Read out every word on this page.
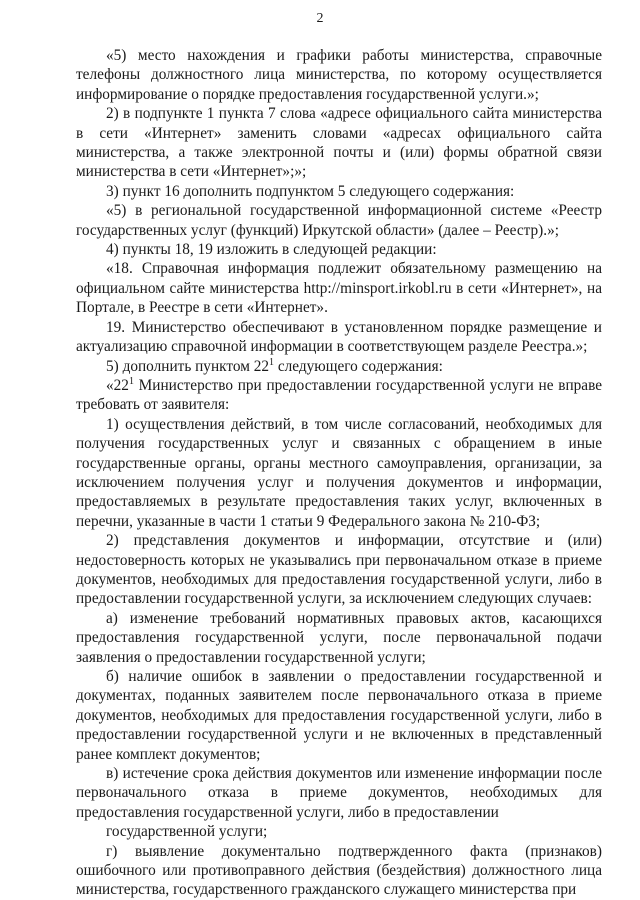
2

«5) место нахождения и графики работы министерства, справочные телефоны должностного лица министерства, по которому осуществляется информирование о порядке предоставления государственной услуги.»;

2) в подпункте 1 пункта 7 слова «адресе официального сайта министерства в сети «Интернет» заменить словами «адресах официального сайта министерства, а также электронной почты и (или) формы обратной связи министерства в сети «Интернет»;»;

3) пункт 16 дополнить подпунктом 5 следующего содержания:

«5) в региональной государственной информационной системе «Реестр государственных услуг (функций) Иркутской области» (далее – Реестр).»;

4) пункты 18, 19 изложить в следующей редакции:

«18. Справочная информация подлежит обязательному размещению на официальном сайте министерства http://minsport.irkobl.ru в сети «Интернет», на Портале, в Реестре в сети «Интернет».

19. Министерство обеспечивают в установленном порядке размещение и актуализацию справочной информации в соответствующем разделе Реестра.»;

5) дополнить пунктом $22^1$ следующего содержания:

«$22^1$ Министерство при предоставлении государственной услуги не вправе требовать от заявителя:

1) осуществления действий, в том числе согласований, необходимых для получения государственных услуг и связанных с обращением в иные государственные органы, органы местного самоуправления, организации, за исключением получения услуг и получения документов и информации, предоставляемых в результате предоставления таких услуг, включенных в перечни, указанные в части 1 статьи 9 Федерального закона № 210-ФЗ;

2) представления документов и информации, отсутствие и (или) недостоверность которых не указывались при первоначальном отказе в приеме документов, необходимых для предоставления государственной услуги, либо в предоставлении государственной услуги, за исключением следующих случаев:

а) изменение требований нормативных правовых актов, касающихся предоставления государственной услуги, после первоначальной подачи заявления о предоставлении государственной услуги;

б) наличие ошибок в заявлении о предоставлении государственной и документах, поданных заявителем после первоначального отказа в приеме документов, необходимых для предоставления государственной услуги, либо в предоставлении государственной услуги и не включенных в представленный ранее комплект документов;

в) истечение срока действия документов или изменение информации после первоначального отказа в приеме документов, необходимых для предоставления государственной услуги, либо в предоставлении

государственной услуги;

г) выявление документально подтвержденного факта (признаков) ошибочного или противоправного действия (бездействия) должностного лица министерства, государственного гражданского служащего министерства при
